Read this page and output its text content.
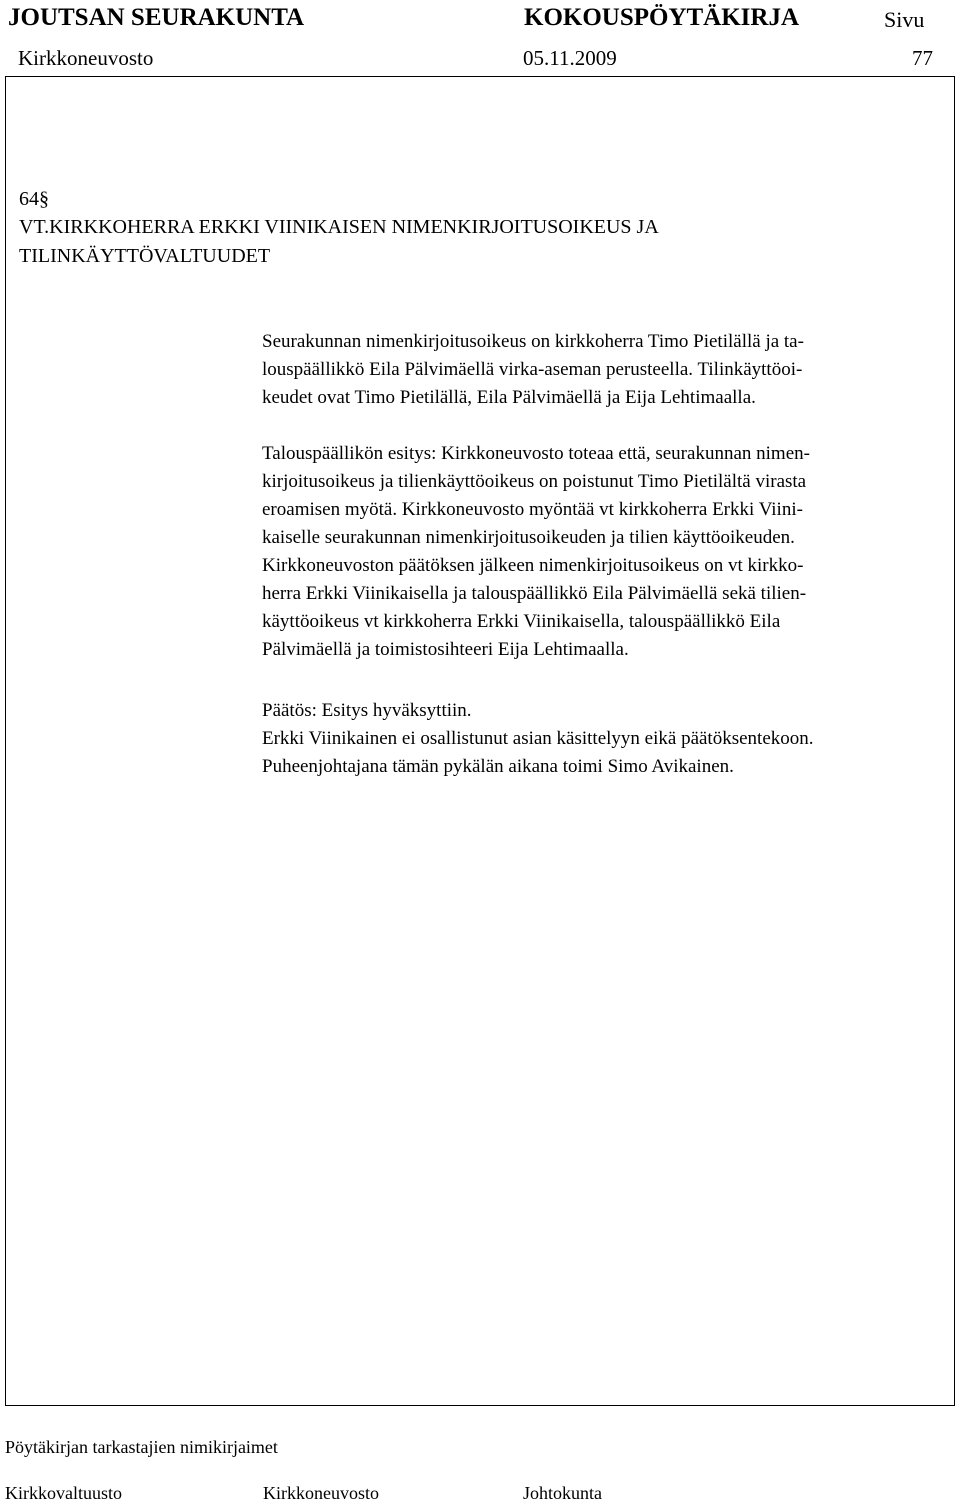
JOUTSAN SEURAKUNTA	KOKOUSPÖYTÄKIRJA	Sivu
Kirkkoneuvosto	05.11.2009	77
64§
VT.KIRKKOHERRA ERKKI VIINIKAISEN NIMENKIRJOITUSOIKEUS JA
TILINKÄYTTÖVALTUUDET
Seurakunnan nimenkirjoitusoikeus on kirkkoherra Timo Pietilällä ja ta-
louspäällikkö Eila Pälvimäellä virka-aseman perusteella. Tilinkäyttöoi-
keudet ovat Timo Pietilällä, Eila Pälvimäellä ja Eija Lehtimaalla.
Talouspäällikön esitys: Kirkkoneuvosto toteaa että, seurakunnan nimen-
kirjoitusoikeus ja tilienkäyttöoikeus on poistunut Timo Pietilältä virasta
eroamisen myötä. Kirkkoneuvosto myöntää vt kirkkoherra Erkki Viini-
kaiselle seurakunnan nimenkirjoitusoikeuden ja tilien käyttöoikeuden.
Kirkkoneuvoston päätöksen jälkeen nimenkirjoitusoikeus on vt kirkko-
herra Erkki Viinikaisella ja talouspäällikkö Eila Pälvimäellä sekä tilien-
käyttöoikeus vt kirkkoherra Erkki Viinikaisella, talouspäällikkö Eila
Pälvimäellä ja toimistosihteeri Eija Lehtimaalla.
Päätös: Esitys hyväksyttiin.
Erkki Viinikainen ei osallistunut asian käsittelyyn eikä päätöksentekoon.
Puheenjohtajana tämän pykälän aikana toimi Simo Avikainen.
Pöytäkirjan tarkastajien nimikirjaimet
Kirkkovaltuusto	Kirkkoneuvosto	Johtokunta
